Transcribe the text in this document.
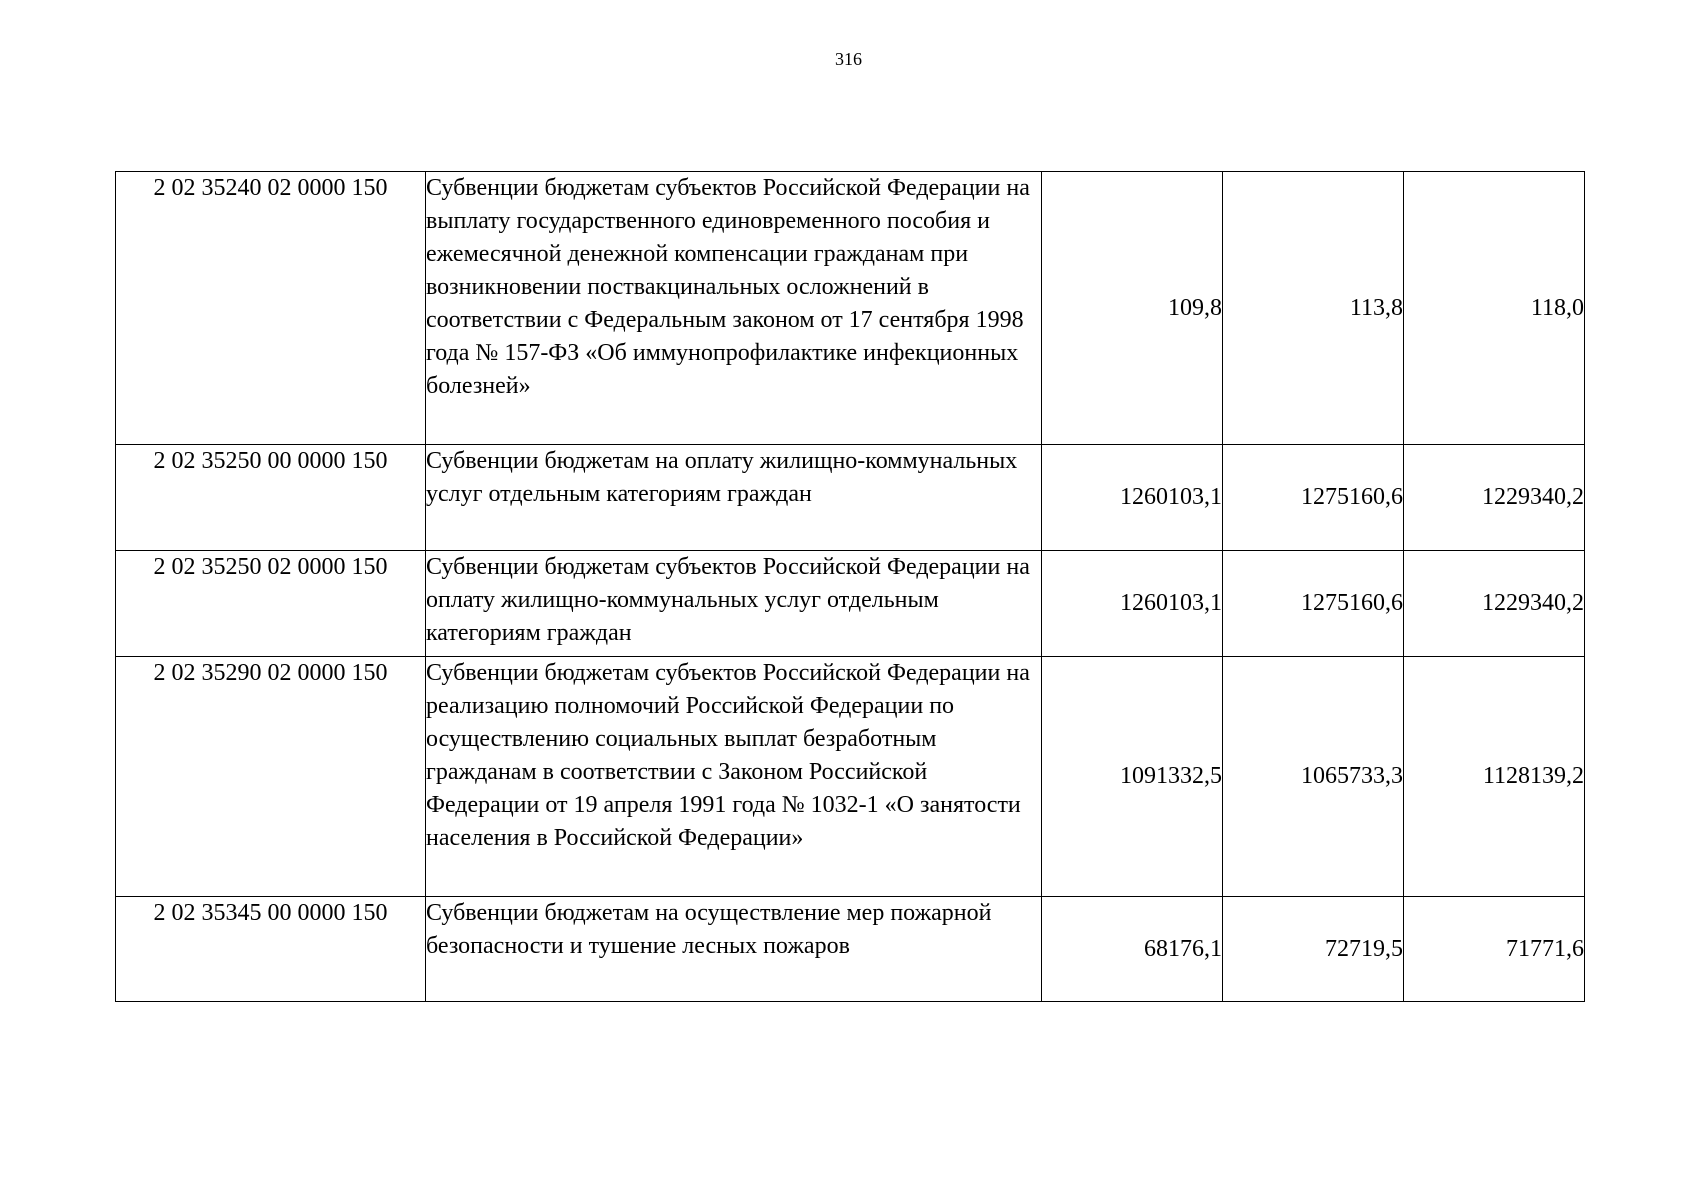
316
2 02 35240 02 0000 150	Субвенции бюджетам субъектов Российской Федерации на выплату государственного единовременного пособия и ежемесячной денежной компенсации гражданам при возникновении поствакцинальных осложнений в соответствии с Федеральным законом от 17 сентября 1998 года № 157-ФЗ «Об иммунопрофилактике инфекционных болезней»	109,8	113,8	118,0
2 02 35250 00 0000 150	Субвенции бюджетам на оплату жилищно-коммунальных услуг отдельным категориям граждан	1260103,1	1275160,6	1229340,2
2 02 35250 02 0000 150	Субвенции бюджетам субъектов Российской Федерации на оплату жилищно-коммунальных услуг отдельным категориям граждан	1260103,1	1275160,6	1229340,2
2 02 35290 02 0000 150	Субвенции бюджетам субъектов Российской Федерации на реализацию полномочий Российской Федерации по осуществлению социальных выплат безработным гражданам в соответствии с Законом Российской Федерации от 19 апреля 1991 года № 1032-1 «О занятости населения в Российской Федерации»	1091332,5	1065733,3	1128139,2
2 02 35345 00 0000 150	Субвенции бюджетам на осуществление мер пожарной безопасности и тушение лесных пожаров	68176,1	72719,5	71771,6
